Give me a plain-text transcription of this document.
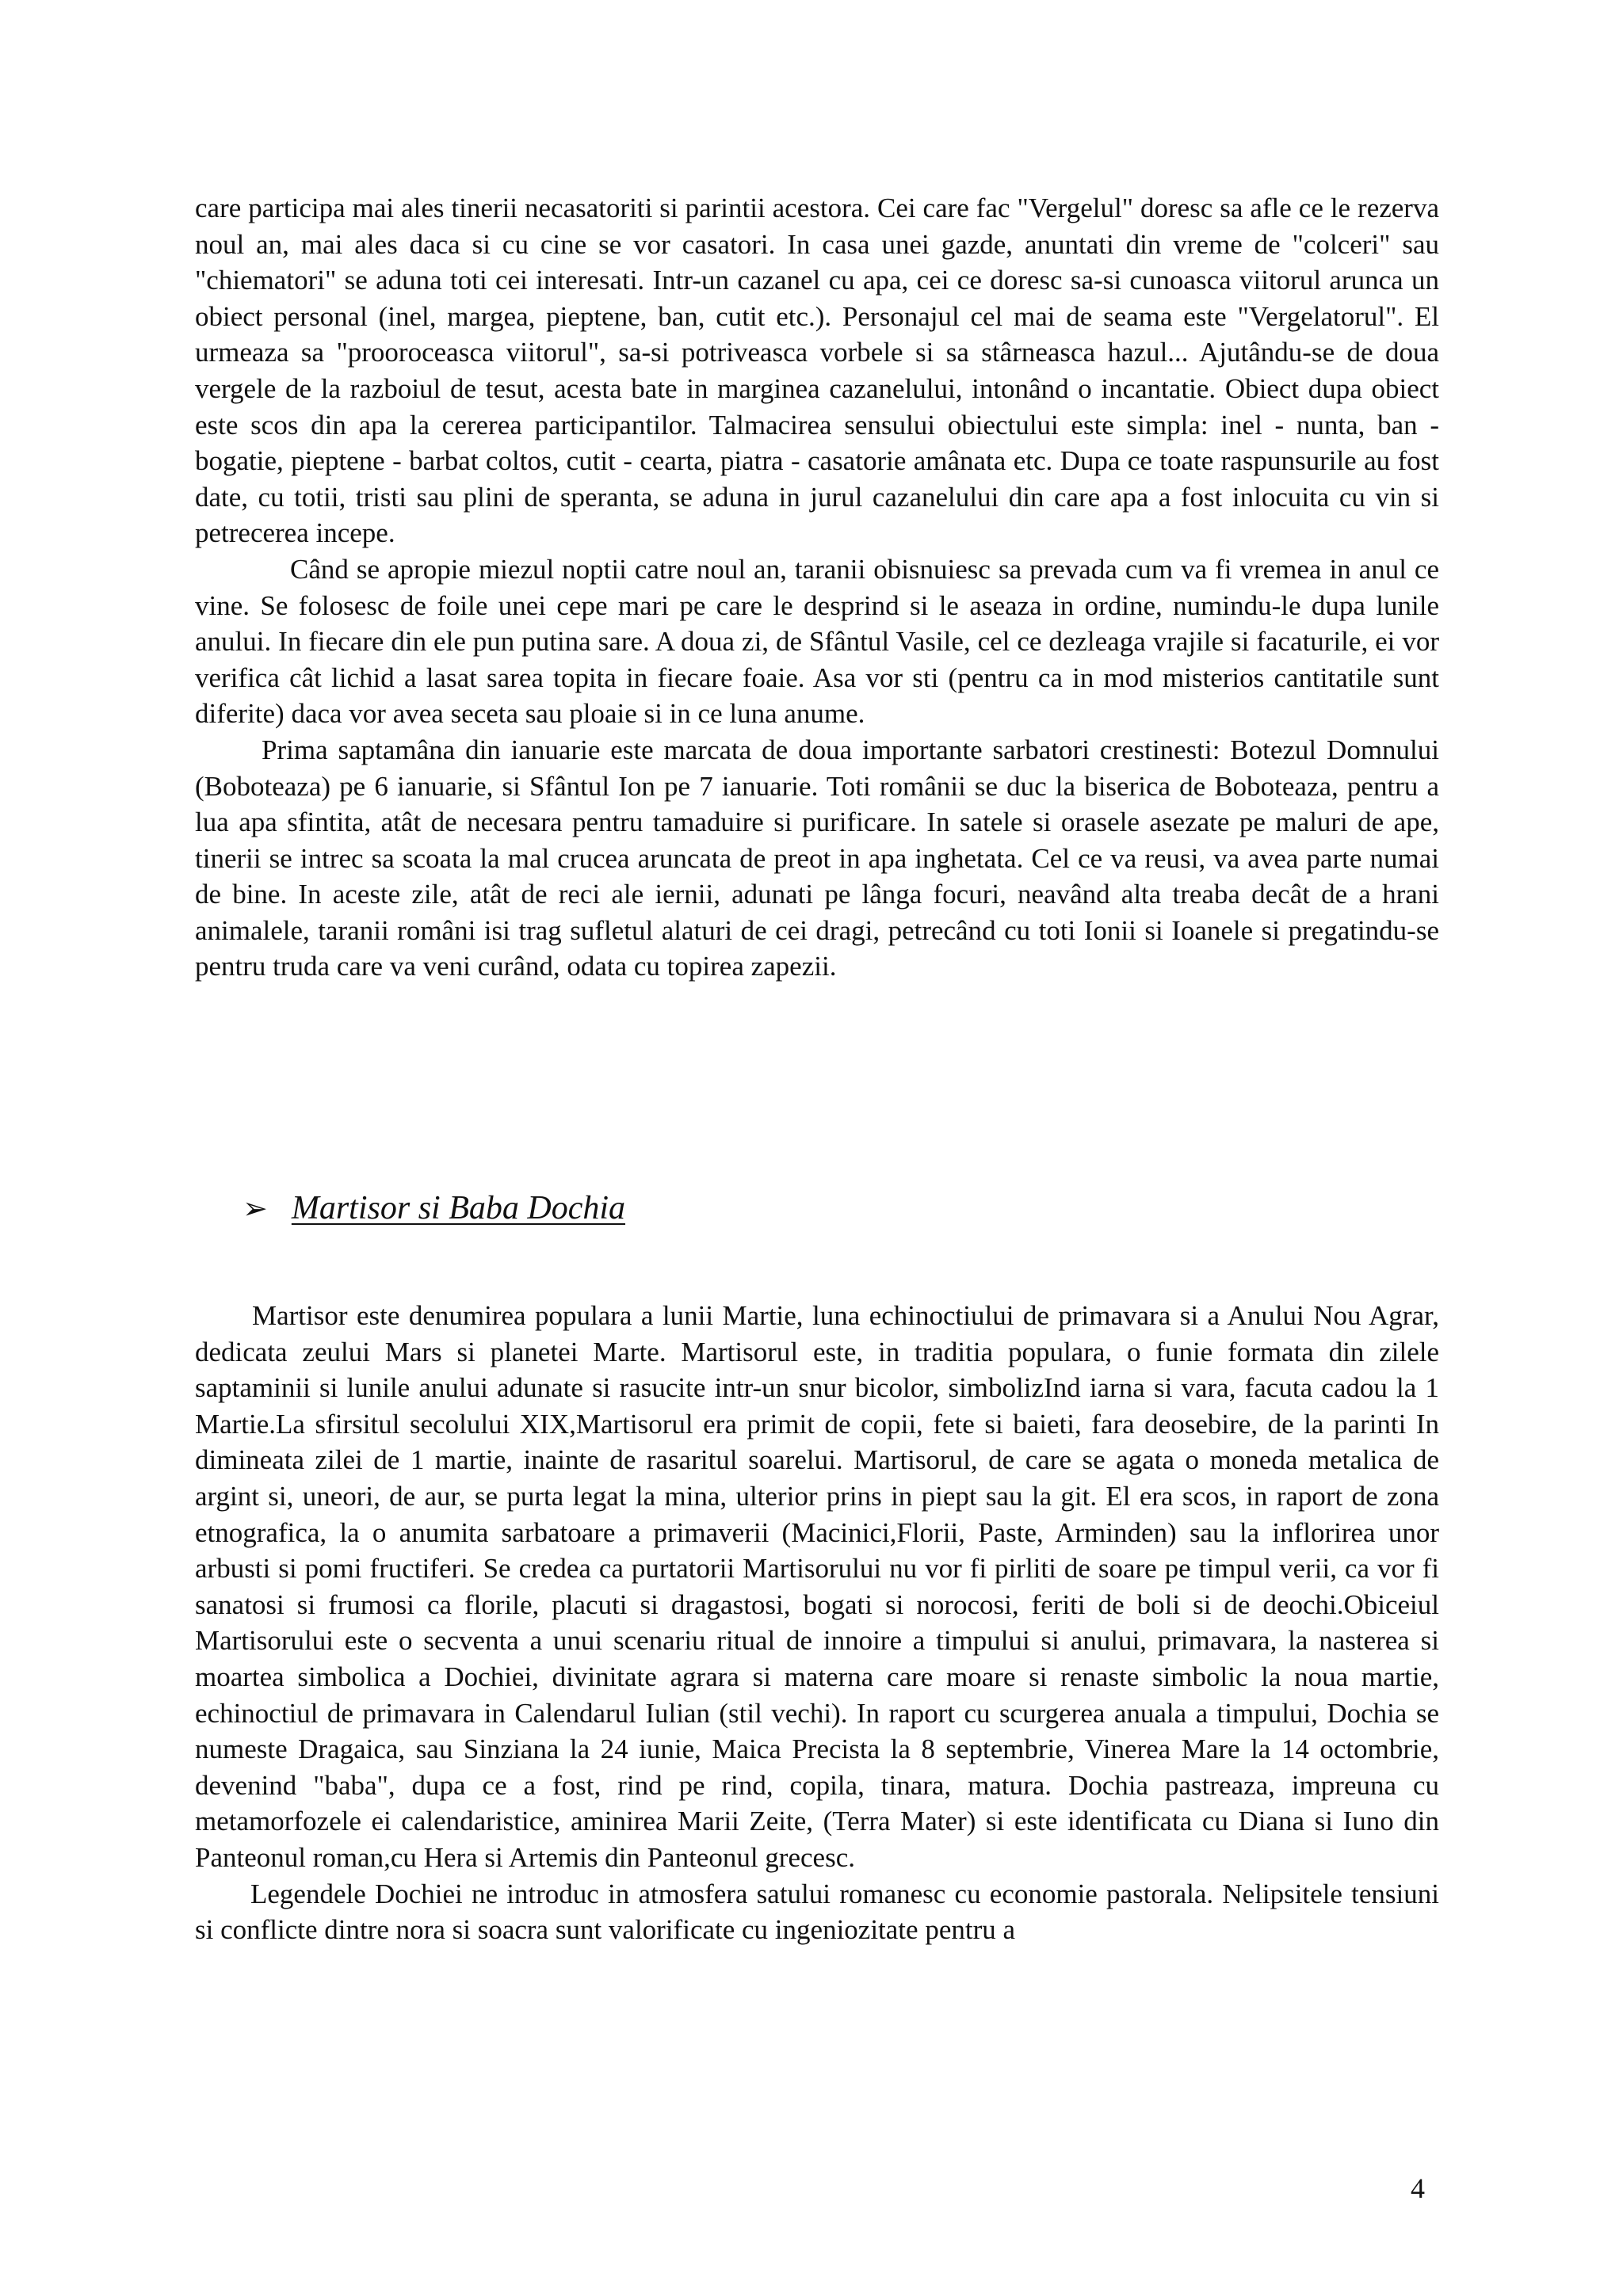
care participa mai ales tinerii necasatoriti si parintii acestora. Cei care fac "Vergelul" doresc sa afle ce le rezerva noul an, mai ales daca si cu cine se vor casatori. In casa unei gazde, anuntati din vreme de "colceri" sau "chiematori" se aduna toti cei interesati. Intr-un cazanel cu apa, cei ce doresc sa-si cunoasca viitorul arunca un obiect personal (inel, margea, pieptene, ban, cutit etc.). Personajul cel mai de seama este "Vergelatorul". El urmeaza sa "prooroceasca viitorul", sa-si potriveasca vorbele si sa stârneasca hazul... Ajutându-se de doua vergele de la razboiul de tesut, acesta bate in marginea cazanelului, intonând o incantatie. Obiect dupa obiect este scos din apa la cererea participantilor. Talmacirea sensului obiectului este simpla: inel - nunta, ban - bogatie, pieptene - barbat coltos, cutit - cearta, piatra - casatorie amânata etc. Dupa ce toate raspunsurile au fost date, cu totii, tristi sau plini de speranta, se aduna in jurul cazanelului din care apa a fost inlocuita cu vin si petrecerea incepe.

Când se apropie miezul noptii catre noul an, taranii obisnuiesc sa prevada cum va fi vremea in anul ce vine. Se folosesc de foile unei cepe mari pe care le desprind si le aseaza in ordine, numindu-le dupa lunile anului. In fiecare din ele pun putina sare. A doua zi, de Sfântul Vasile, cel ce dezleaga vrajile si facaturile, ei vor verifica cât lichid a lasat sarea topita in fiecare foaie. Asa vor sti (pentru ca in mod misterios cantitatile sunt diferite) daca vor avea seceta sau ploaie si in ce luna anume.

Prima saptamâna din ianuarie este marcata de doua importante sarbatori crestinesti: Botezul Domnului (Boboteaza) pe 6 ianuarie, si Sfântul Ion pe 7 ianuarie. Toti românii se duc la biserica de Boboteaza, pentru a lua apa sfintita, atât de necesara pentru tamaduire si purificare. In satele si orasele asezate pe maluri de ape, tinerii se intrec sa scoata la mal crucea aruncata de preot in apa inghetata. Cel ce va reusi, va avea parte numai de bine. In aceste zile, atât de reci ale iernii, adunati pe lânga focuri, neavând alta treaba decât de a hrani animalele, taranii români isi trag sufletul alaturi de cei dragi, petrecând cu toti Ionii si Ioanele si pregatindu-se pentru truda care va veni curând, odata cu topirea zapezii.

➢ Martisor si Baba Dochia

Martisor este denumirea populara a lunii Martie, luna echinoctiului de primavara si a Anului Nou Agrar, dedicata zeului Mars si planetei Marte. Martisorul este, in traditia populara, o funie formata din zilele saptaminii si lunile anului adunate si rasucite intr-un snur bicolor, simbolizInd iarna si vara, facuta cadou la 1 Martie.La sfirsitul secolului XIX,Martisorul era primit de copii, fete si baieti, fara deosebire, de la parinti In dimineata zilei de 1 martie, inainte de rasaritul soarelui. Martisorul, de care se agata o moneda metalica de argint si, uneori, de aur, se purta legat la mina, ulterior prins in piept sau la git. El era scos, in raport de zona etnografica, la o anumita sarbatoare a primaverii (Macinici,Florii, Paste, Arminden) sau la inflorirea unor arbusti si pomi fructiferi. Se credea ca purtatorii Martisorului nu vor fi pirliti de soare pe timpul verii, ca vor fi sanatosi si frumosi ca florile, placuti si dragastosi, bogati si norocosi, feriti de boli si de deochi.Obiceiul Martisorului este o secventa a unui scenariu ritual de innoire a timpului si anului, primavara, la nasterea si moartea simbolica a Dochiei, divinitate agrara si materna care moare si renaste simbolic la noua martie, echinoctiul de primavara in Calendarul Iulian (stil vechi). In raport cu scurgerea anuala a timpului, Dochia se numeste Dragaica, sau Sinziana la 24 iunie, Maica Precista la 8 septembrie, Vinerea Mare la 14 octombrie, devenind "baba", dupa ce a fost, rind pe rind, copila, tinara, matura. Dochia pastreaza, impreuna cu metamorfozele ei calendaristice, aminirea Marii Zeite, (Terra Mater) si este identificata cu Diana si Iuno din Panteonul roman,cu Hera si Artemis din Panteonul grecesc.

Legendele Dochiei ne introduc in atmosfera satului romanesc cu economie pastorala. Nelipsitele tensiuni si conflicte dintre nora si soacra sunt valorificate cu ingeniozitate pentru a

4
